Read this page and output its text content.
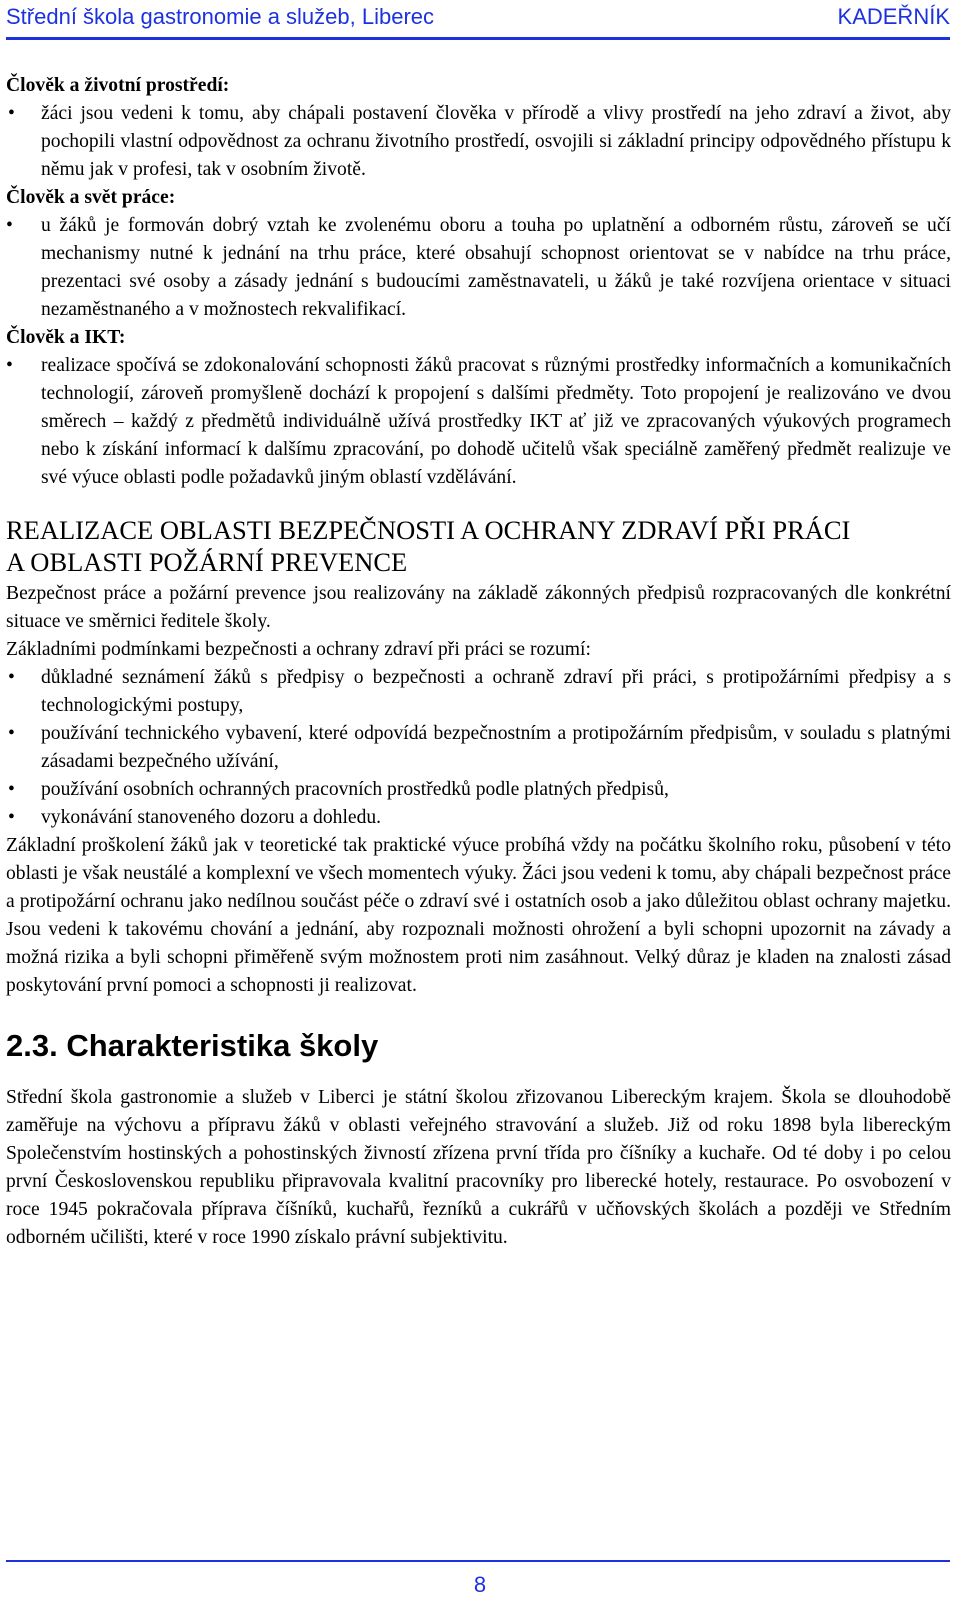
Střední škola gastronomie a služeb, Liberec	KADEŘNÍK
Člověk a životní prostředí:
• žáci jsou vedeni k tomu, aby chápali postavení člověka v přírodě a vlivy prostředí na jeho zdraví a život, aby pochopili vlastní odpovědnost za ochranu životního prostředí, osvojili si základní principy odpovědného přístupu k němu jak v profesi, tak v osobním životě.
Člověk a svět práce:
• u žáků je formován dobrý vztah ke zvolenému oboru a touha po uplatnění a odborném růstu, zároveň se učí mechanismy nutné k jednání na trhu práce, které obsahují schopnost orientovat se v nabídce na trhu práce, prezentaci své osoby a zásady jednání s budoucími zaměstnavateli, u žáků je také rozvíjena orientace v situaci nezaměstnaného a v možnostech rekvalifikací.
Člověk a IKT:
• realizace spočívá se zdokonalování schopnosti žáků pracovat s různými prostředky informačních a komunikačních technologií, zároveň promyšleně dochází k propojení s dalšími předměty. Toto propojení je realizováno ve dvou směrech – každý z předmětů individuálně užívá prostředky IKT ať již ve zpracovaných výukových programech nebo k získání informací k dalšímu zpracování, po dohodě učitelů však speciálně zaměřený předmět realizuje ve své výuce oblasti podle požadavků jiným oblastí vzdělávání.
REALIZACE OBLASTI BEZPEČNOSTI A OCHRANY ZDRAVÍ PŘI PRÁCI
A OBLASTI POŽÁRNÍ PREVENCE

Bezpečnost práce a požární prevence jsou realizovány na základě zákonných předpisů rozpracovaných dle konkrétní situace ve směrnici ředitele školy.

Základními podmínkami bezpečnosti a ochrany zdraví při práci se rozumí:

• důkladné seznámení žáků s předpisy o bezpečnosti a ochraně zdraví při práci, s protipožárními předpisy a s technologickými postupy,
• používání technického vybavení, které odpovídá bezpečnostním a protipožárním předpisům, v souladu s platnými zásadami bezpečného užívání,
• používání osobních ochranných pracovních prostředků podle platných předpisů,
• vykonávání stanoveného dozoru a dohledu.

Základní proškolení žáků jak v teoretické tak praktické výuce probíhá vždy na počátku školního roku, působení v této oblasti je však neustálé a komplexní ve všech momentech výuky. Žáci jsou vedeni k tomu, aby chápali bezpečnost práce a protipožární ochranu jako nedílnou součást péče o zdraví své i ostatních osob a jako důležitou oblast ochrany majetku. Jsou vedeni k takovému chování a jednání, aby rozpoznali možnosti ohrožení a byli schopni upozornit na závady a možná rizika a byli schopni přiměřeně svým možnostem proti nim zasáhnout. Velký důraz je kladen na znalosti zásad poskytování první pomoci a schopnosti ji realizovat.

2.3. Charakteristika školy

Střední škola gastronomie a služeb v Liberci je státní školou zřizovanou Libereckým krajem. Škola se dlouhodobě zaměřuje na výchovu a přípravu žáků v oblasti veřejného stravování a služeb. Již od roku 1898 byla libereckým Společenstvím hostinských a pohostinských živností zřízena první třída pro číšníky a kuchaře. Od té doby i po celou první Československou republiku připravovala kvalitní pracovníky pro liberecké hotely, restaurace. Po osvobození v roce 1945 pokračovala příprava číšníků, kuchařů, řezníků a cukrářů v učňovských školách a později ve Středním odborném učilišti, které v roce 1990 získalo právní subjektivitu.

8
